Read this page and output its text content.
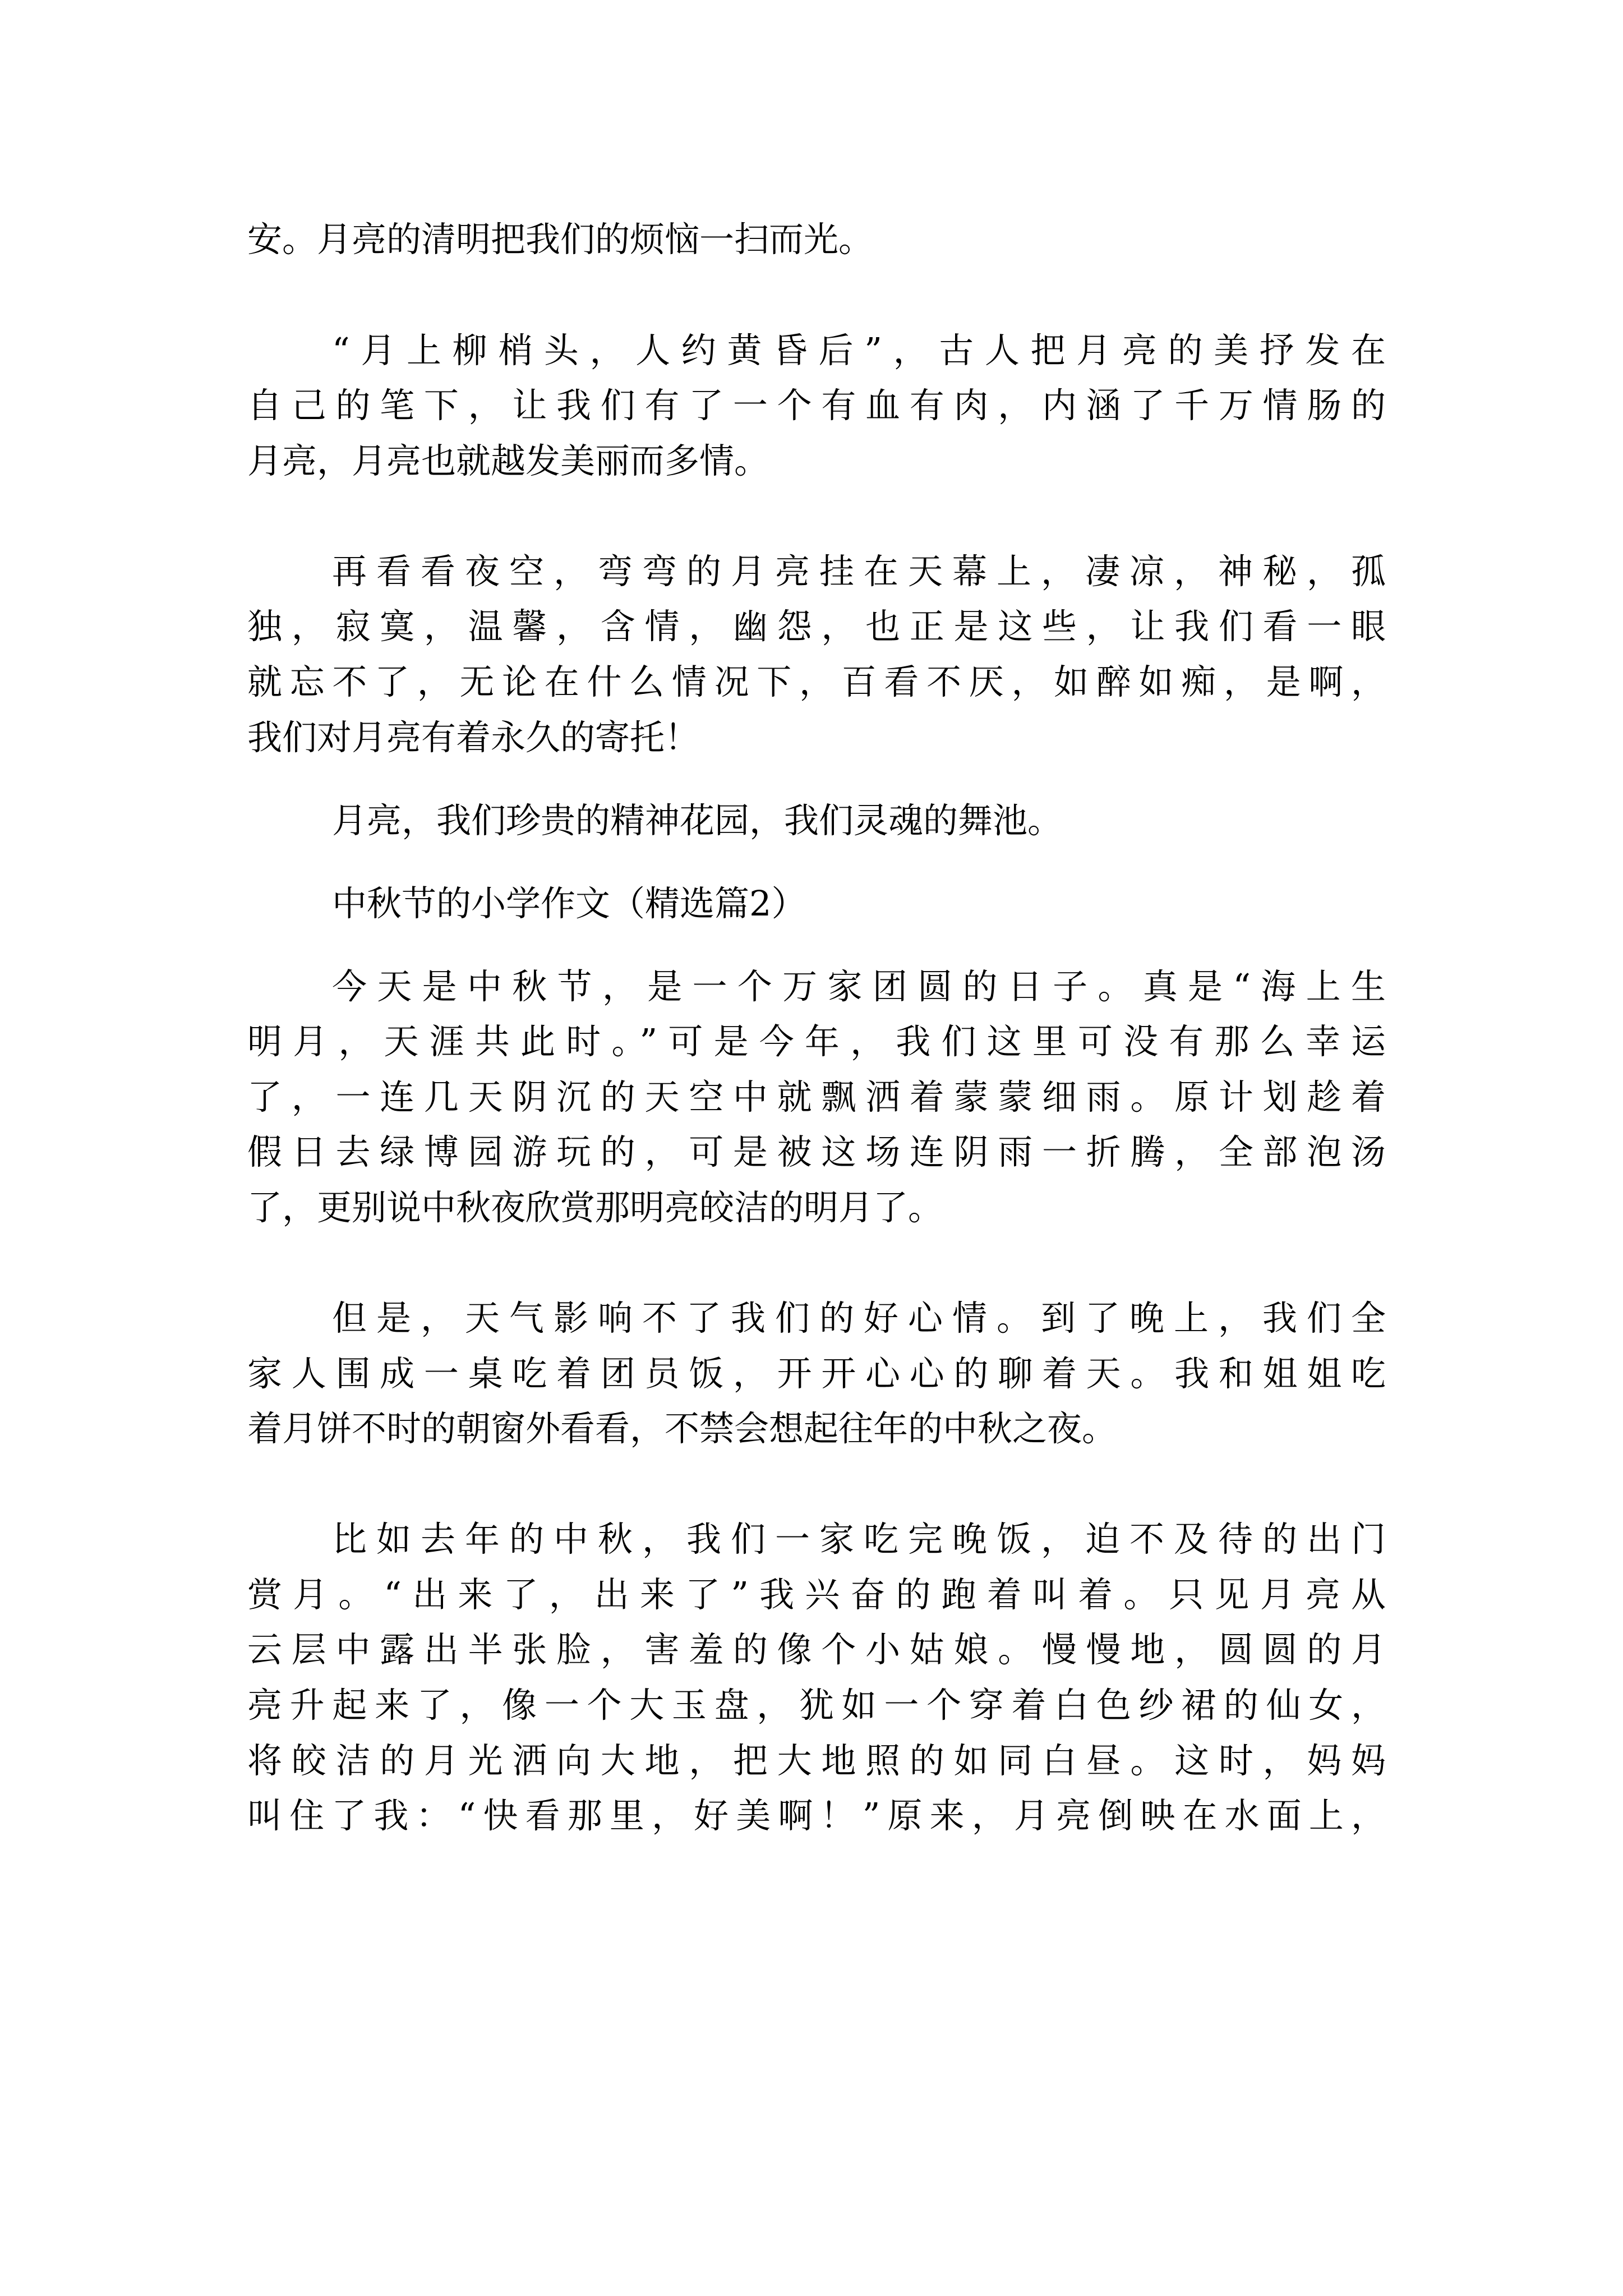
安。月亮的清明把我们的烦恼一扫而光。
“月上柳梢头，人约黄昏后”，古人把月亮的美抒发在
自己的笔下，让我们有了一个有血有肉，内涵了千万情肠的
月亮，月亮也就越发美丽而多情。
再看看夜空，弯弯的月亮挂在天幕上，凄凉，神秘，孤
独，寂寞，温馨，含情，幽怨，也正是这些，让我们看一眼
就忘不了，无论在什么情况下，百看不厌，如醉如痴，是啊，
我们对月亮有着永久的寄托！
月亮，我们珍贵的精神花园，我们灵魂的舞池。
中秋节的小学作文（精选篇2）
今天是中秋节，是一个万家团圆的日子。真是“海上生
明月，天涯共此时。”可是今年，我们这里可没有那么幸运
了，一连几天阴沉的天空中就飘洒着蒙蒙细雨。原计划趁着
假日去绿博园游玩的，可是被这场连阴雨一折腾，全部泡汤
了，更别说中秋夜欣赏那明亮皎洁的明月了。
但是，天气影响不了我们的好心情。到了晚上，我们全
家人围成一桌吃着团员饭，开开心心的聊着天。我和姐姐吃
着月饼不时的朝窗外看看，不禁会想起往年的中秋之夜。
比如去年的中秋，我们一家吃完晚饭，迫不及待的出门
赏月。“出来了，出来了”我兴奋的跑着叫着。只见月亮从
云层中露出半张脸，害羞的像个小姑娘。慢慢地，圆圆的月
亮升起来了，像一个大玉盘，犹如一个穿着白色纱裙的仙女，
将皎洁的月光洒向大地，把大地照的如同白昼。这时，妈妈
叫住了我：“快看那里，好美啊！”原来，月亮倒映在水面上，
